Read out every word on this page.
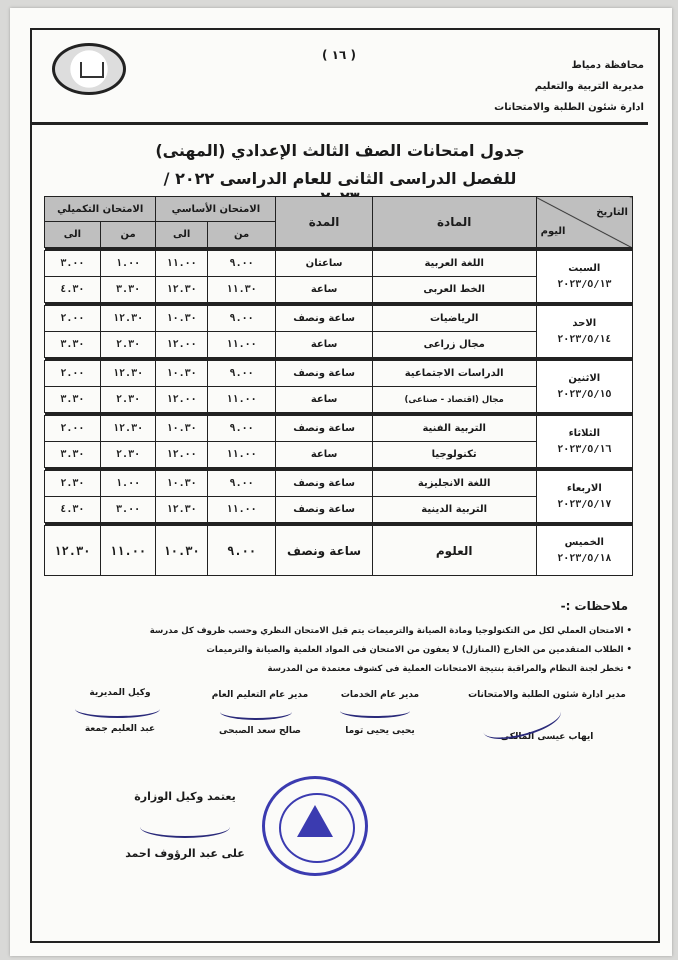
( ١٦ )
محافظة دمياط
مديرية التربية والتعليم
ادارة شئون الطلبة والامتحانات
جدول امتحانات الصف الثالث الإعدادي (المهنى)
للفصل الدراسى الثانى للعام الدراسى ٢٠٢٢ /
التاريخ
اليوم	المادة	المدة	الامتحان الأساسي		الامتحان التكميلي	
			من	الى	من	الى

السبت
٢٠٢٣/٥/١٣	اللغة العربية	ساعتان	٩.٠٠	١١.٠٠	١.٠٠	٣.٠٠
	الخط العربى	ساعة	١١.٣٠	١٢.٣٠	٣.٣٠	٤.٣٠

الاحد
٢٠٢٣/٥/١٤	الرياضيات	ساعة ونصف	٩.٠٠	١٠.٣٠	١٢.٣٠	٢.٠٠
	مجال زراعى	ساعة	١١.٠٠	١٢.٠٠	٢.٣٠	٣.٣٠

الاثنين
٢٠٢٣/٥/١٥	الدراسات الاجتماعية	ساعة ونصف	٩.٠٠	١٠.٣٠	١٢.٣٠	٢.٠٠
	مجال (اقتصاد - صناعى)	ساعة	١١.٠٠	١٢.٠٠	٢.٣٠	٣.٣٠

الثلاثاء
٢٠٢٣/٥/١٦	التربية الفنية	ساعة ونصف	٩.٠٠	١٠.٣٠	١٢.٣٠	٢.٠٠
	تكنولوجيا	ساعة	١١.٠٠	١٢.٠٠	٢.٣٠	٣.٣٠

الاربعاء
٢٠٢٣/٥/١٧	اللغة الانجليزية	ساعة ونصف	٩.٠٠	١٠.٣٠	١.٠٠	٢.٣٠
	التربية الدينية	ساعة ونصف	١١.٠٠	١٢.٣٠	٣.٠٠	٤.٣٠

الخميس
٢٠٢٣/٥/١٨	العلوم	ساعة ونصف	٩.٠٠	١٠.٣٠	١١.٠٠	١٢.٣٠
ملاحظات :-
• الامتحان العملي لكل من التكنولوجيا ومادة الصيانة والترميمات يتم قبل الامتحان النظري وحسب ظروف كل مدرسة
• الطلاب المتقدمين من الخارج (المنازل) لا يعفون من الامتحان فى المواد العلمية والصيانة والترميمات
• تخطر لجنة النظام والمراقبة بنتيجة الامتحانات العملية فى كشوف معتمدة من المدرسة
مدير ادارة شئون الطلبة والامتحانات
ايهاب عيسى المالكى
مدير عام الخدمات
يحيى يحيى توما
مدير عام التعليم العام
صالح سعد الصبحى
وكيل المديرية
عبد العليم جمعة
يعتمد وكيل الوزارة
على عبد الرؤوف احمد
